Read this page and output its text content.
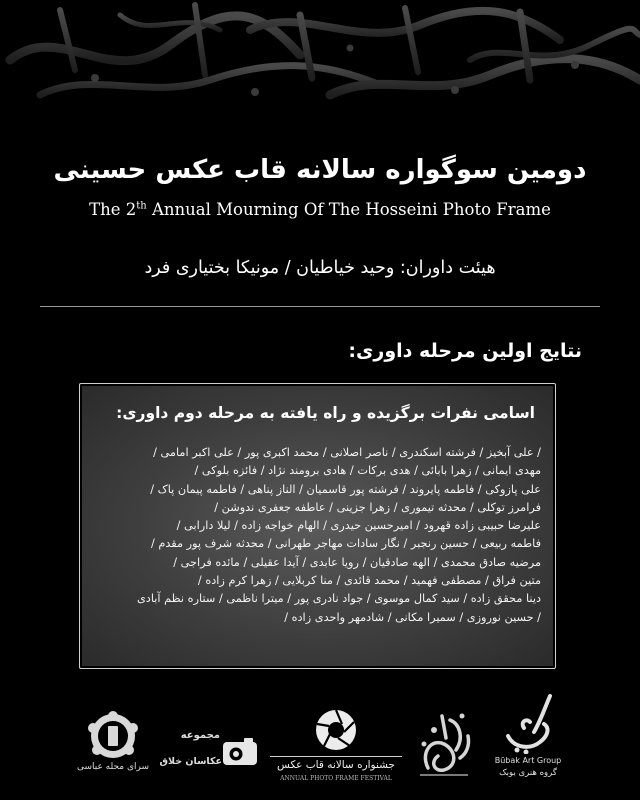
دومین سوگواره سالانه قاب عکس حسینی
The 2th Annual Mourning Of The Hosseini Photo Frame
هیئت داوران: وحید خیاطیان / مونیکا بختیاری فرد
نتایج اولین مرحله داوری:
اسامی نفرات برگزیده و راه یافته به مرحله دوم داوری:
/ علی آبخیز / فرشته اسکندری / ناصر اصلانی / محمد اکبری پور / علی اکبر امامی /
مهدی ایمانی / زهرا بابائی / هدی برکات / هادی برومند نژاد / فائزه بلوکی /
علی پازوکی / فاطمه پایروند / فرشته پور قاسمیان / الناز پناهی / فاطمه پیمان پاک /
فرامرز توکلی / محدثه تیموری / زهرا جزینی / عاطفه جعفری ندوشن /
علیرضا حبیبی زاده قهرود / امیرحسین حیدری / الهام خواجه زاده / لیلا دارابی /
فاطمه ربیعی / حسین رنجبر / نگار سادات مهاجر طهرانی / محدثه شرف پور مقدم /
مرضیه صادق محمدی / الهه صادقیان / رویا عابدی / آیدا عقیلی / مائده فراجی /
متین فراق / مصطفی فهمید / محمد قائدی / منا کربلایی / زهرا کرم زاده /
دینا محقق زاده / سید کمال موسوی / جواد نادری پور / میترا ناظمی / ستاره نظم آبادی
/ حسین نوروزی / سمیرا مکانی / شادمهر واحدی زاده /
سرای محله عباسی
مجموعه
عکاسان خلاق	جشنواره سالانه قاب عکس
ANNUAL PHOTO FRAME FESTIVAL
Būbak Art Group
گروه هنری بوبک
